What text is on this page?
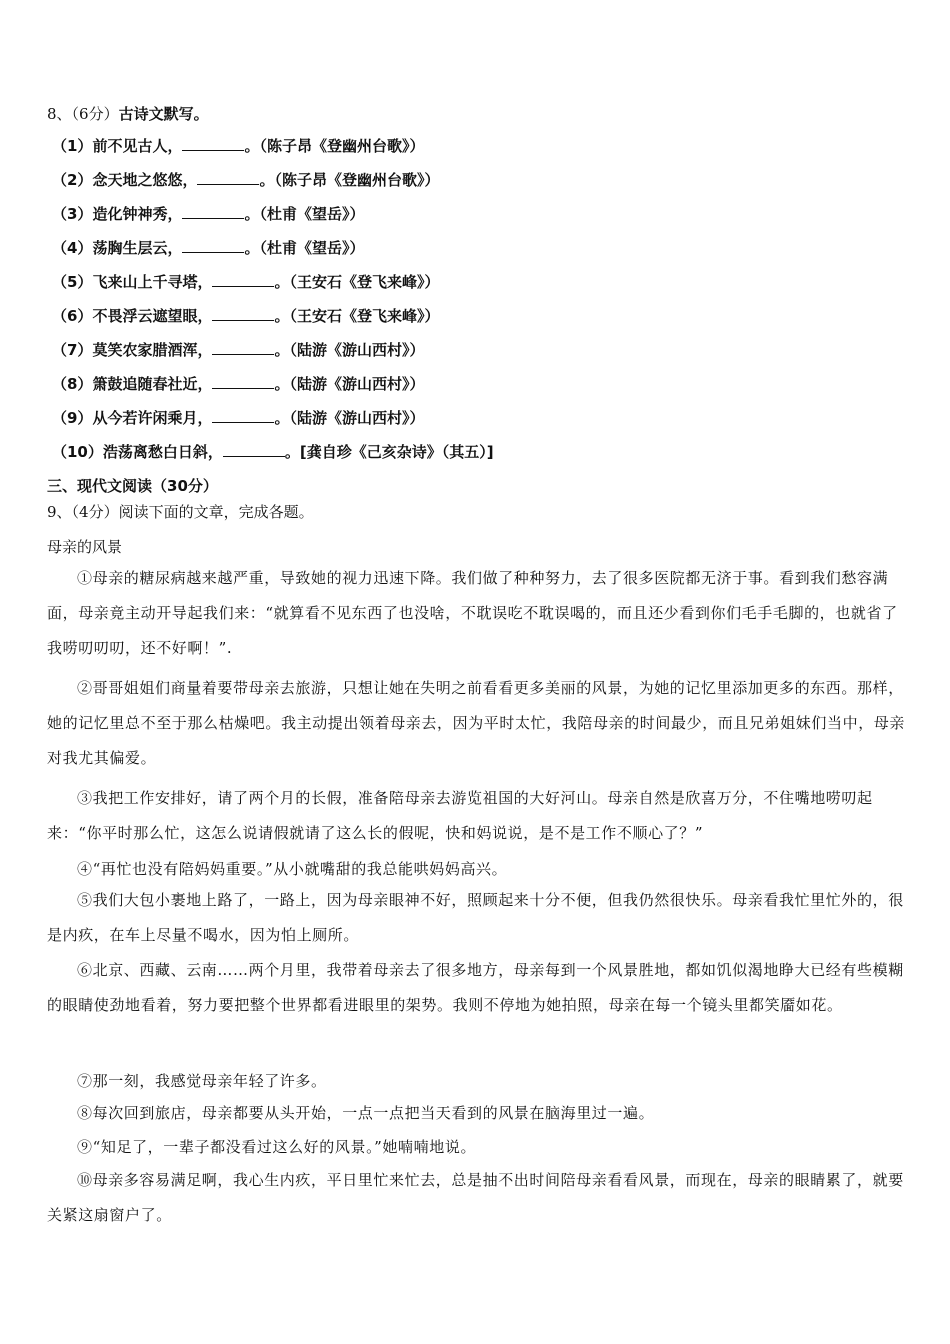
8、（6分）古诗文默写。
（1）前不见古人，	。（陈子昂《登幽州台歌》）
（2）念天地之悠悠，	。（陈子昂《登幽州台歌》）
（3）造化钟神秀，	。（杜甫《望岳》）
（4）荡胸生层云，	。（杜甫《望岳》）
（5）飞来山上千寻塔，	。（王安石《登飞来峰》）
（6）不畏浮云遮望眼，	。（王安石《登飞来峰》）
（7）莫笑农家腊酒浑，	。（陆游《游山西村》）
（8）箫鼓追随春社近，	。（陆游《游山西村》）
（9）从今若许闲乘月，	。（陆游《游山西村》）
（10）浩荡离愁白日斜，	。[龚自珍《己亥杂诗》（其五）]
三、现代文阅读（30分）
9、（4分）阅读下面的文章，完成各题。
母亲的风景
①母亲的糖尿病越来越严重，导致她的视力迅速下降。我们做了种种努力，去了很多医院都无济于事。看到我们愁容满面，母亲竟主动开导起我们来：“就算看不见东西了也没啥，不耽误吃不耽误喝的，而且还少看到你们毛手毛脚的，也就省了我唠叨叨叨，还不好啊！”.
②哥哥姐姐们商量着要带母亲去旅游，只想让她在失明之前看看更多美丽的风景，为她的记忆里添加更多的东西。那样，她的记忆里总不至于那么枯燥吧。我主动提出领着母亲去，因为平时太忙，我陪母亲的时间最少，而且兄弟姐妹们当中，母亲对我尤其偏爱。
③我把工作安排好，请了两个月的长假，准备陪母亲去游览祖国的大好河山。母亲自然是欣喜万分，不住嘴地唠叨起来：“你平时那么忙，这怎么说请假就请了这么长的假呢，快和妈说说，是不是工作不顺心了？”
④“再忙也没有陪妈妈重要。”从小就嘴甜的我总能哄妈妈高兴。
⑤我们大包小裹地上路了，一路上，因为母亲眼神不好，照顾起来十分不便，但我仍然很快乐。母亲看我忙里忙外的，很是内疚，在车上尽量不喝水，因为怕上厕所。
⑥北京、西藏、云南……两个月里，我带着母亲去了很多地方，母亲每到一个风景胜地，都如饥似渴地睁大已经有些模糊的眼睛使劲地看着，努力要把整个世界都看进眼里的架势。我则不停地为她拍照，母亲在每一个镜头里都笑靥如花。
⑦那一刻，我感觉母亲年轻了许多。
⑧每次回到旅店，母亲都要从头开始，一点一点把当天看到的风景在脑海里过一遍。
⑨“知足了，一辈子都没看过这么好的风景。”她喃喃地说。
⑩母亲多容易满足啊，我心生内疚，平日里忙来忙去，总是抽不出时间陪母亲看看风景，而现在，母亲的眼睛累了，就要关紧这扇窗户了。
